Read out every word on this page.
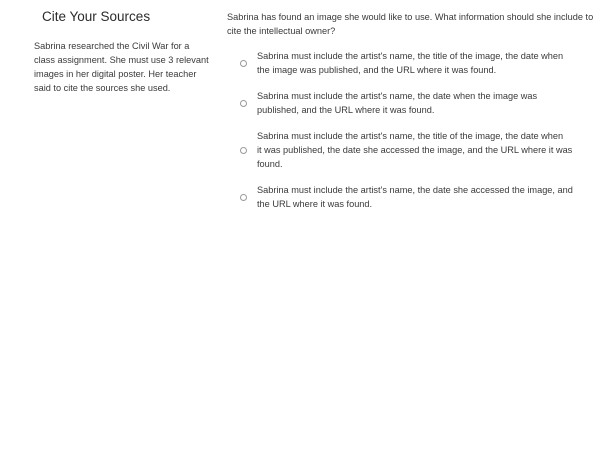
Cite Your Sources
Sabrina researched the Civil War for a
class assignment. She must use 3 relevant
images in her digital poster. Her teacher
said to cite the sources she used.
Sabrina has found an image she would like to use. What information should she include to
cite the intellectual owner?
Sabrina must include the artist's name, the title of the image, the date when
the image was published, and the URL where it was found.
Sabrina must include the artist's name, the date when the image was
published, and the URL where it was found.
Sabrina must include the artist's name, the title of the image, the date when
it was published, the date she accessed the image, and the URL where it was
found.
Sabrina must include the artist's name, the date she accessed the image, and
the URL where it was found.
